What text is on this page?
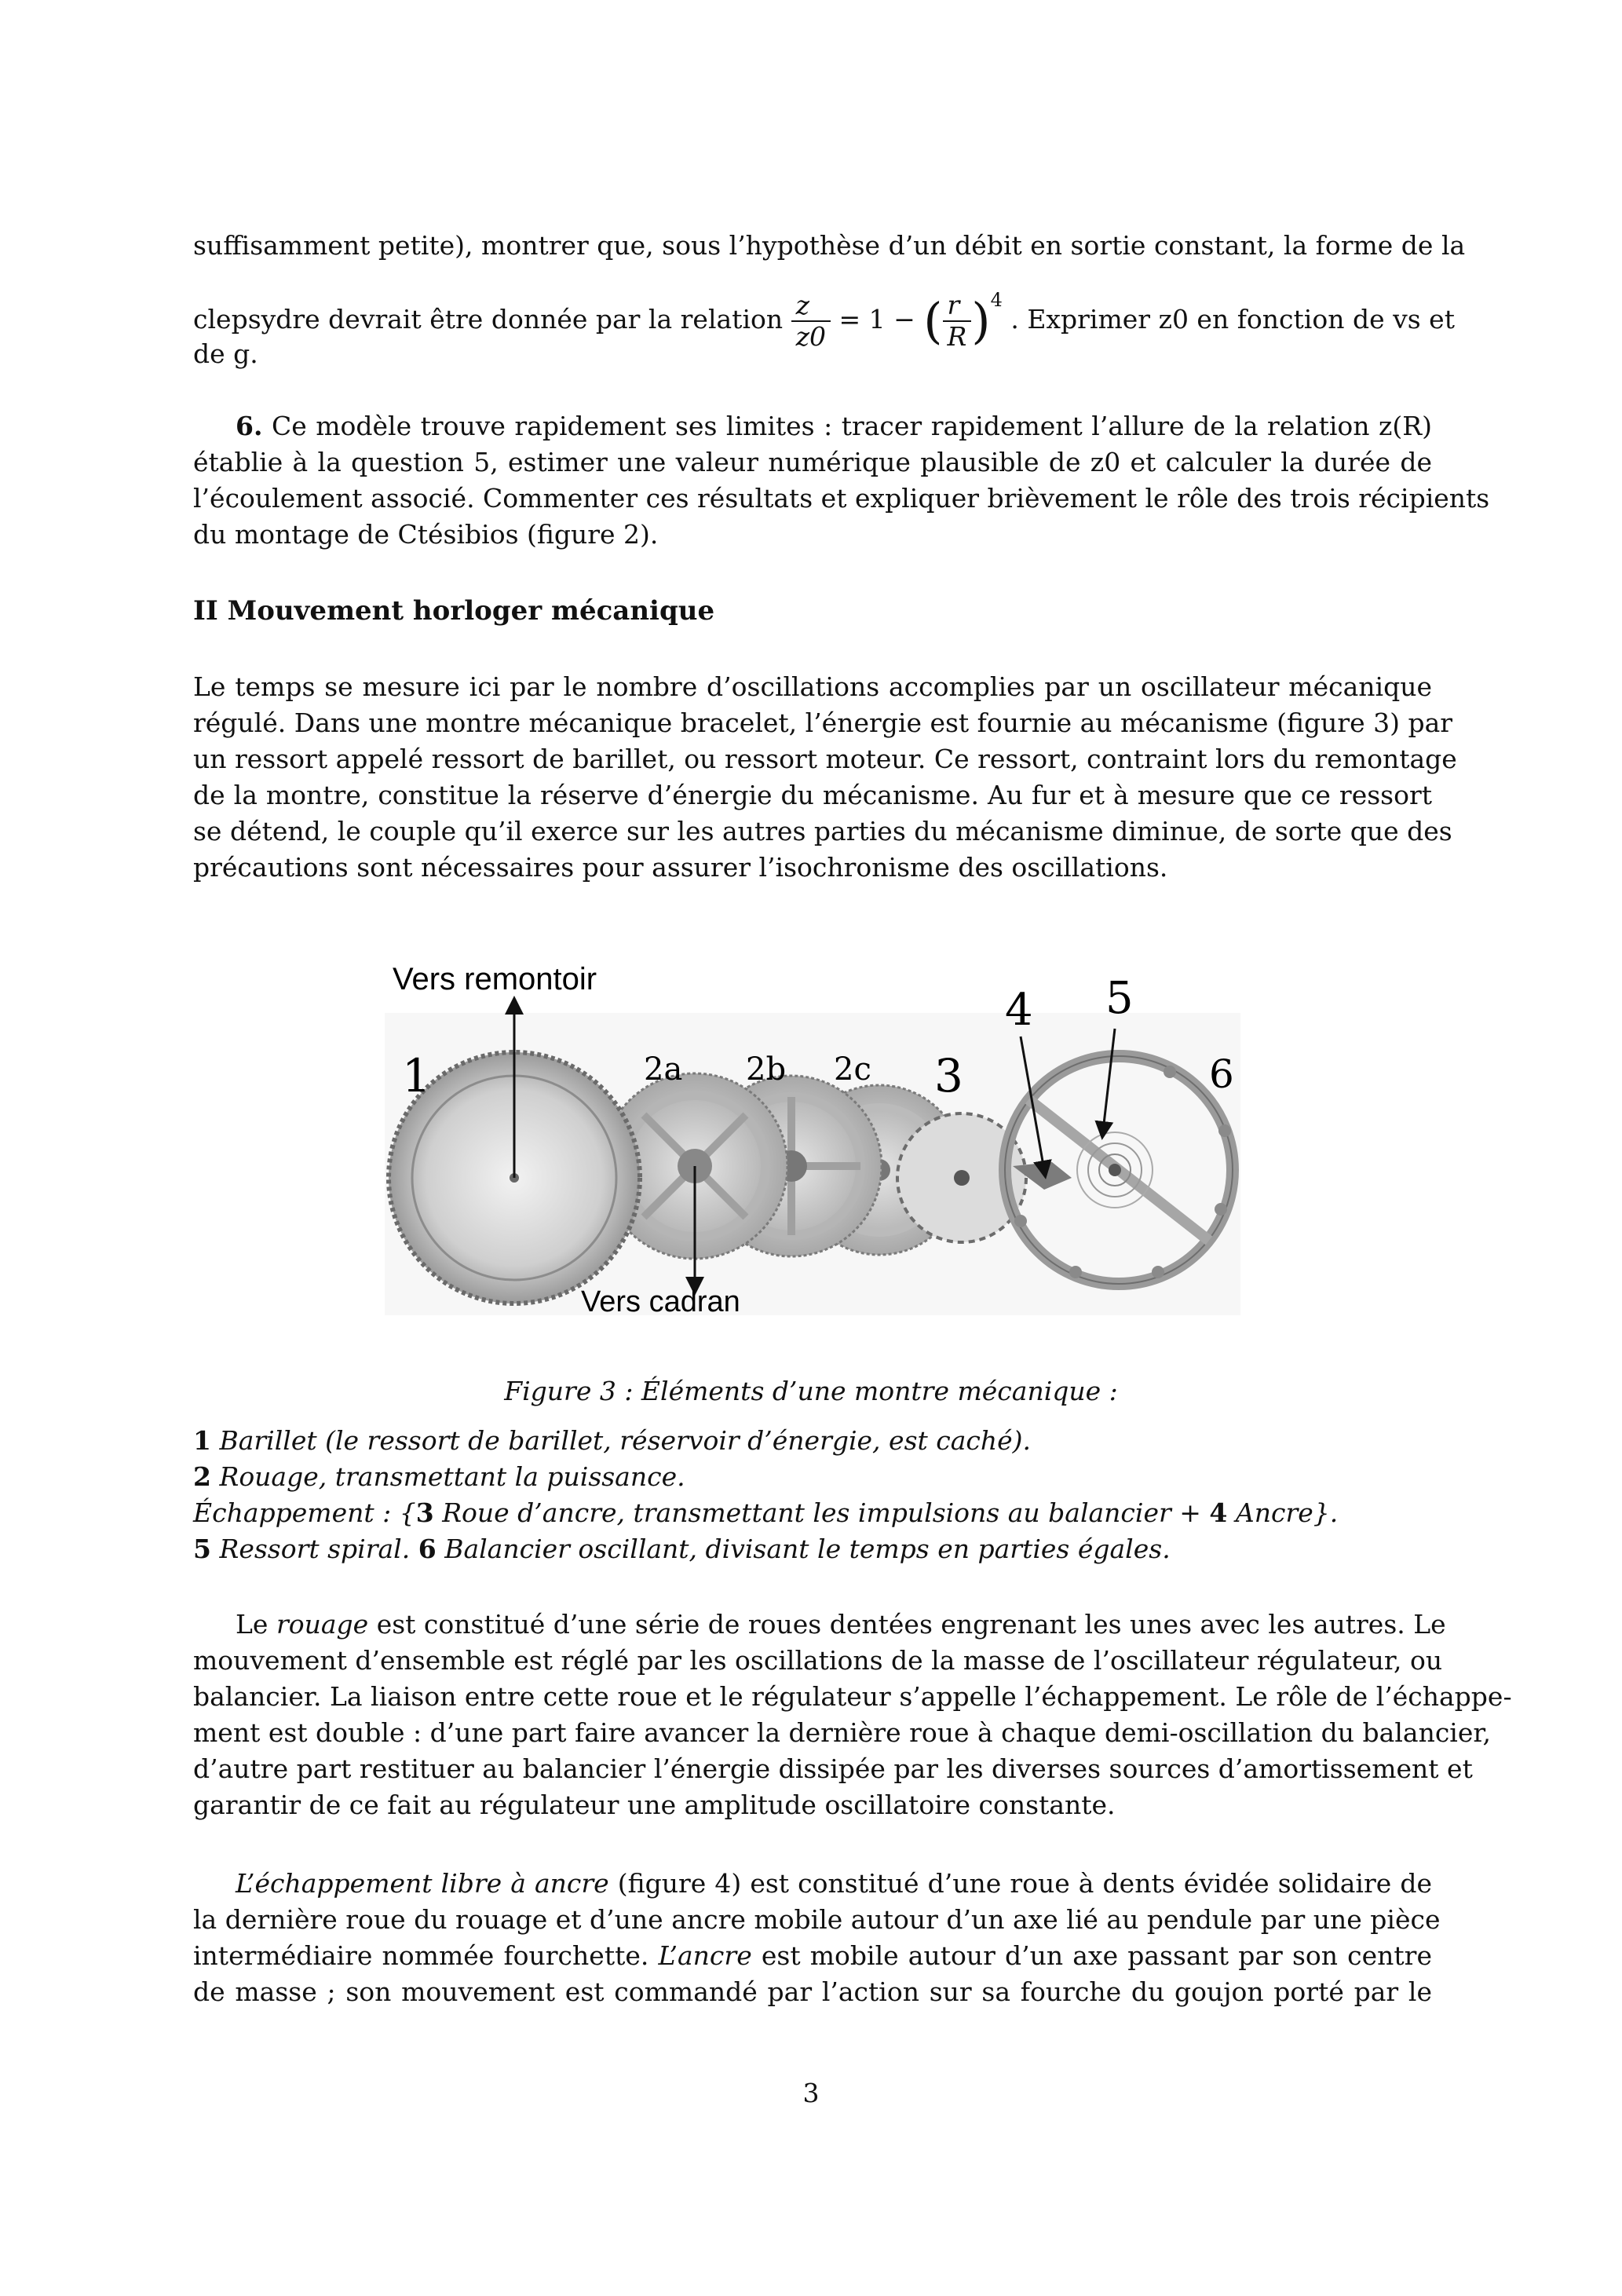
suffisamment petite), montrer que, sous l’hypothèse d’un débit en sortie constant, la forme de la
clepsydre devrait être donnée par la relation $\frac{z}{z0} = 1$ − ( $\frac{r}{R} )^4$ . Exprimer z0 en fonction de vs et
de g.
6. Ce modèle trouve rapidement ses limites : tracer rapidement l’allure de la relation z(R)
établie à la question 5, estimer une valeur numérique plausible de z0 et calculer la durée de
l’écoulement associé. Commenter ces résultats et expliquer brièvement le rôle des trois récipients
du montage de Ctésibios (figure 2).
II Mouvement horloger mécanique
Le temps se mesure ici par le nombre d’oscillations accomplies par un oscillateur mécanique
régulé. Dans une montre mécanique bracelet, l’énergie est fournie au mécanisme (figure 3) par
un ressort appelé ressort de barillet, ou ressort moteur. Ce ressort, contraint lors du remontage
de la montre, constitue la réserve d’énergie du mécanisme. Au fur et à mesure que ce ressort
se détend, le couple qu’il exerce sur les autres parties du mécanisme diminue, de sorte que des
précautions sont nécessaires pour assurer l’isochronisme des oscillations.
Vers remontoir
Vers cadran
1	2a 2b 2c 3
4 5
6
Figure 3 : Éléments d’une montre mécanique :
1 Barillet (le ressort de barillet, réservoir d’énergie, est caché).
2 Rouage, transmettant la puissance.
Échappement : {3 Roue d’ancre, transmettant les impulsions au balancier + 4 Ancre}.
5 Ressort spiral. 6 Balancier oscillant, divisant le temps en parties égales.
Le rouage est constitué d’une série de roues dentées engrenant les unes avec les autres. Le
mouvement d’ensemble est réglé par les oscillations de la masse de l’oscillateur régulateur, ou
balancier. La liaison entre cette roue et le régulateur s’appelle l’échappement. Le rôle de l’échappe-
ment est double : d’une part faire avancer la dernière roue à chaque demi-oscillation du balancier,
d’autre part restituer au balancier l’énergie dissipée par les diverses sources d’amortissement et
garantir de ce fait au régulateur une amplitude oscillatoire constante.
L’échappement libre à ancre (figure 4) est constitué d’une roue à dents évidée solidaire de
la dernière roue du rouage et d’une ancre mobile autour d’un axe lié au pendule par une pièce
intermédiaire nommée fourchette. L’ancre est mobile autour d’un axe passant par son centre
de masse ; son mouvement est commandé par l’action sur sa fourche du goujon porté par le
3
